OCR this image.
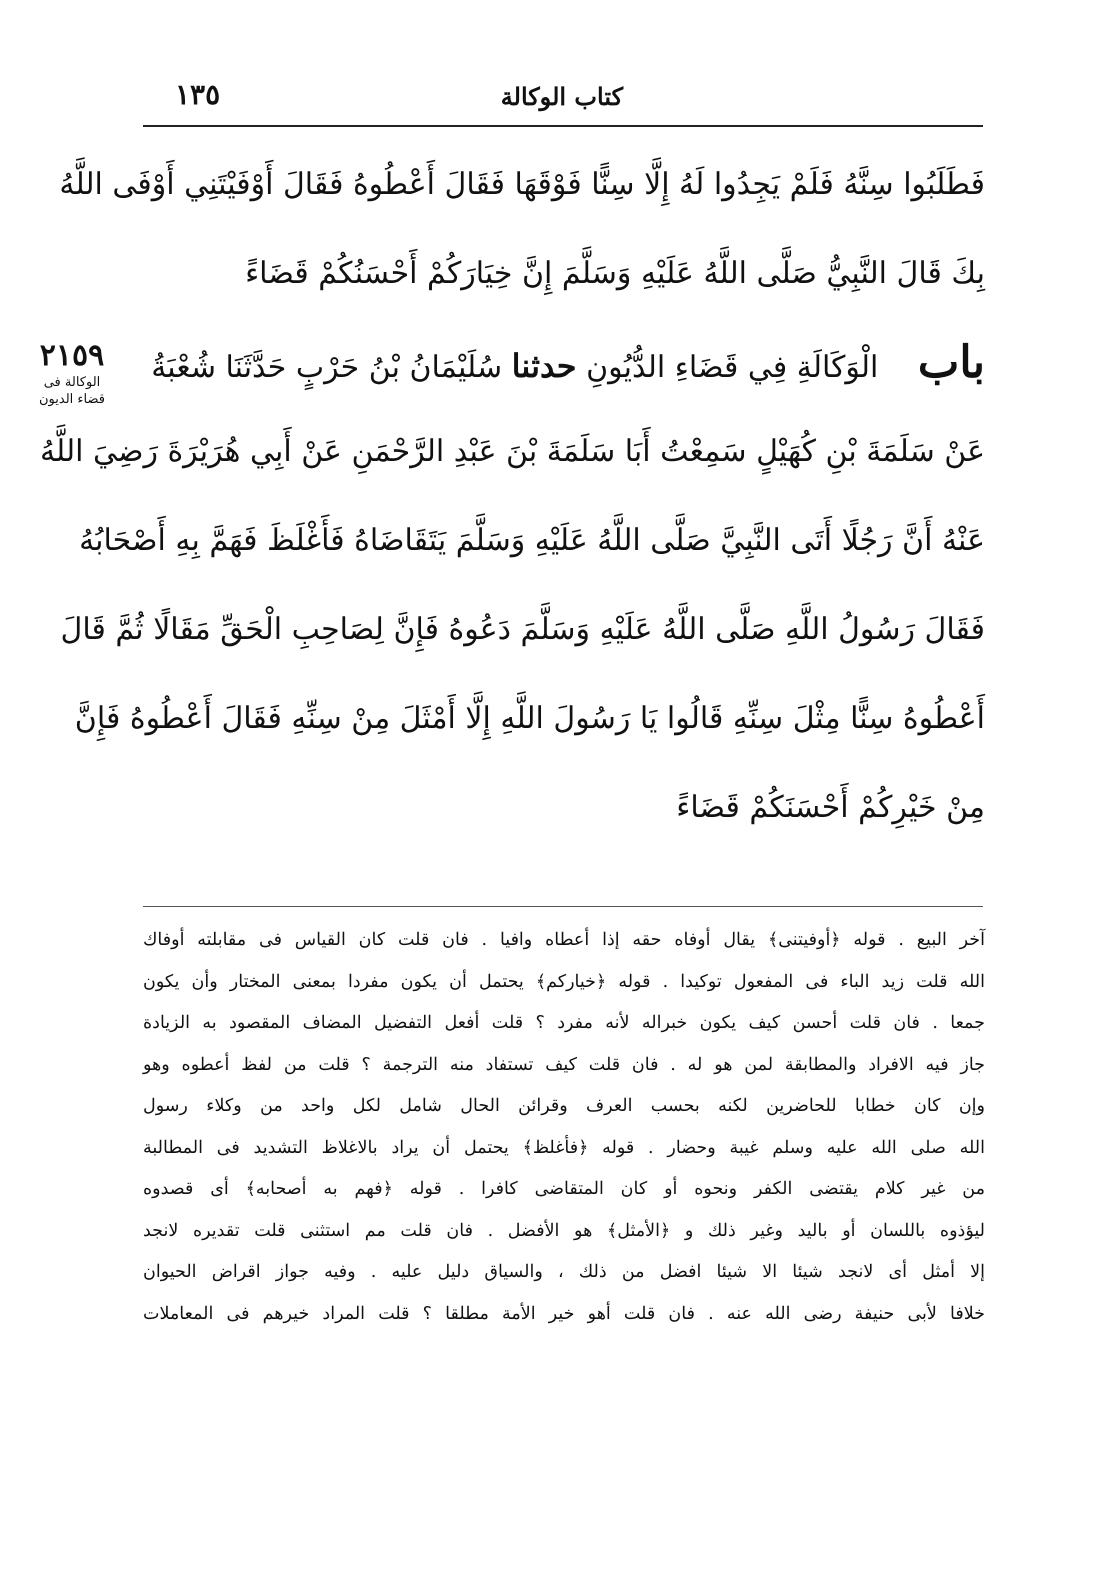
كتاب الوكالة
١٣٥
٢١٥٩
الوكالة فى
قضاء الديون
فَطَلَبُوا سِنَّهُ فَلَمْ يَجِدُوا لَهُ إِلَّا سِنًّا فَوْقَهَا فَقَالَ أَعْطُوهُ فَقَالَ أَوْفَيْتَنِي أَوْفَى اللَّهُ
بِكَ قَالَ النَّبِيُّ صَلَّى اللَّهُ عَلَيْهِ وَسَلَّمَ إِنَّ خِيَارَكُمْ أَحْسَنُكُمْ قَضَاءً
باب الْوَكَالَةِ فِي قَضَاءِ الدُّيُونِ حدثنا سُلَيْمَانُ بْنُ حَرْبٍ حَدَّثَنَا شُعْبَةُ
عَنْ سَلَمَةَ بْنِ كُهَيْلٍ سَمِعْتُ أَبَا سَلَمَةَ بْنَ عَبْدِ الرَّحْمَنِ عَنْ أَبِي هُرَيْرَةَ رَضِيَ اللَّهُ
عَنْهُ أَنَّ رَجُلًا أَتَى النَّبِيَّ صَلَّى اللَّهُ عَلَيْهِ وَسَلَّمَ يَتَقَاضَاهُ فَأَغْلَظَ فَهَمَّ بِهِ أَصْحَابُهُ
فَقَالَ رَسُولُ اللَّهِ صَلَّى اللَّهُ عَلَيْهِ وَسَلَّمَ دَعُوهُ فَإِنَّ لِصَاحِبِ الْحَقِّ مَقَالًا ثُمَّ قَالَ
أَعْطُوهُ سِنًّا مِثْلَ سِنِّهِ قَالُوا يَا رَسُولَ اللَّهِ إِلَّا أَمْثَلَ مِنْ سِنِّهِ فَقَالَ أَعْطُوهُ فَإِنَّ
مِنْ خَيْرِكُمْ أَحْسَنَكُمْ قَضَاءً
آخر البيع . قوله ﴿أوفيتنى﴾ يقال أوفاه حقه إذا أعطاه وافيا . فان قلت كان القياس فى مقابلته أوفاك
الله قلت زيد الباء فى المفعول توكيدا . قوله ﴿خياركم﴾ يحتمل أن يكون مفردا بمعنى المختار وأن يكون
جمعا . فان قلت أحسن كيف يكون خبراله لأنه مفرد ؟ قلت أفعل التفضيل المضاف المقصود به الزيادة
جاز فيه الافراد والمطابقة لمن هو له . فان قلت كيف تستفاد منه الترجمة ؟ قلت من لفظ أعطوه وهو
وإن كان خطابا للحاضرين لكنه بحسب العرف وقرائن الحال شامل لكل واحد من وكلاء رسول
الله صلى الله عليه وسلم غيبة وحضار . قوله ﴿فأغلظ﴾ يحتمل أن يراد بالاغلاظ التشديد فى المطالبة
من غير كلام يقتضى الكفر ونحوه أو كان المتقاضى كافرا . قوله ﴿فهم به أصحابه﴾ أى قصدوه
ليؤذوه باللسان أو باليد وغير ذلك و ﴿الأمثل﴾ هو الأفضل . فان قلت مم استثنى قلت تقديره لانجد
إلا أمثل أى لانجد شيئا الا شيئا افضل من ذلك ، والسياق دليل عليه . وفيه جواز اقراض الحيوان
خلافا لأبى حنيفة رضى الله عنه . فان قلت أهو خير الأمة مطلقا ؟ قلت المراد خيرهم فى المعاملات
